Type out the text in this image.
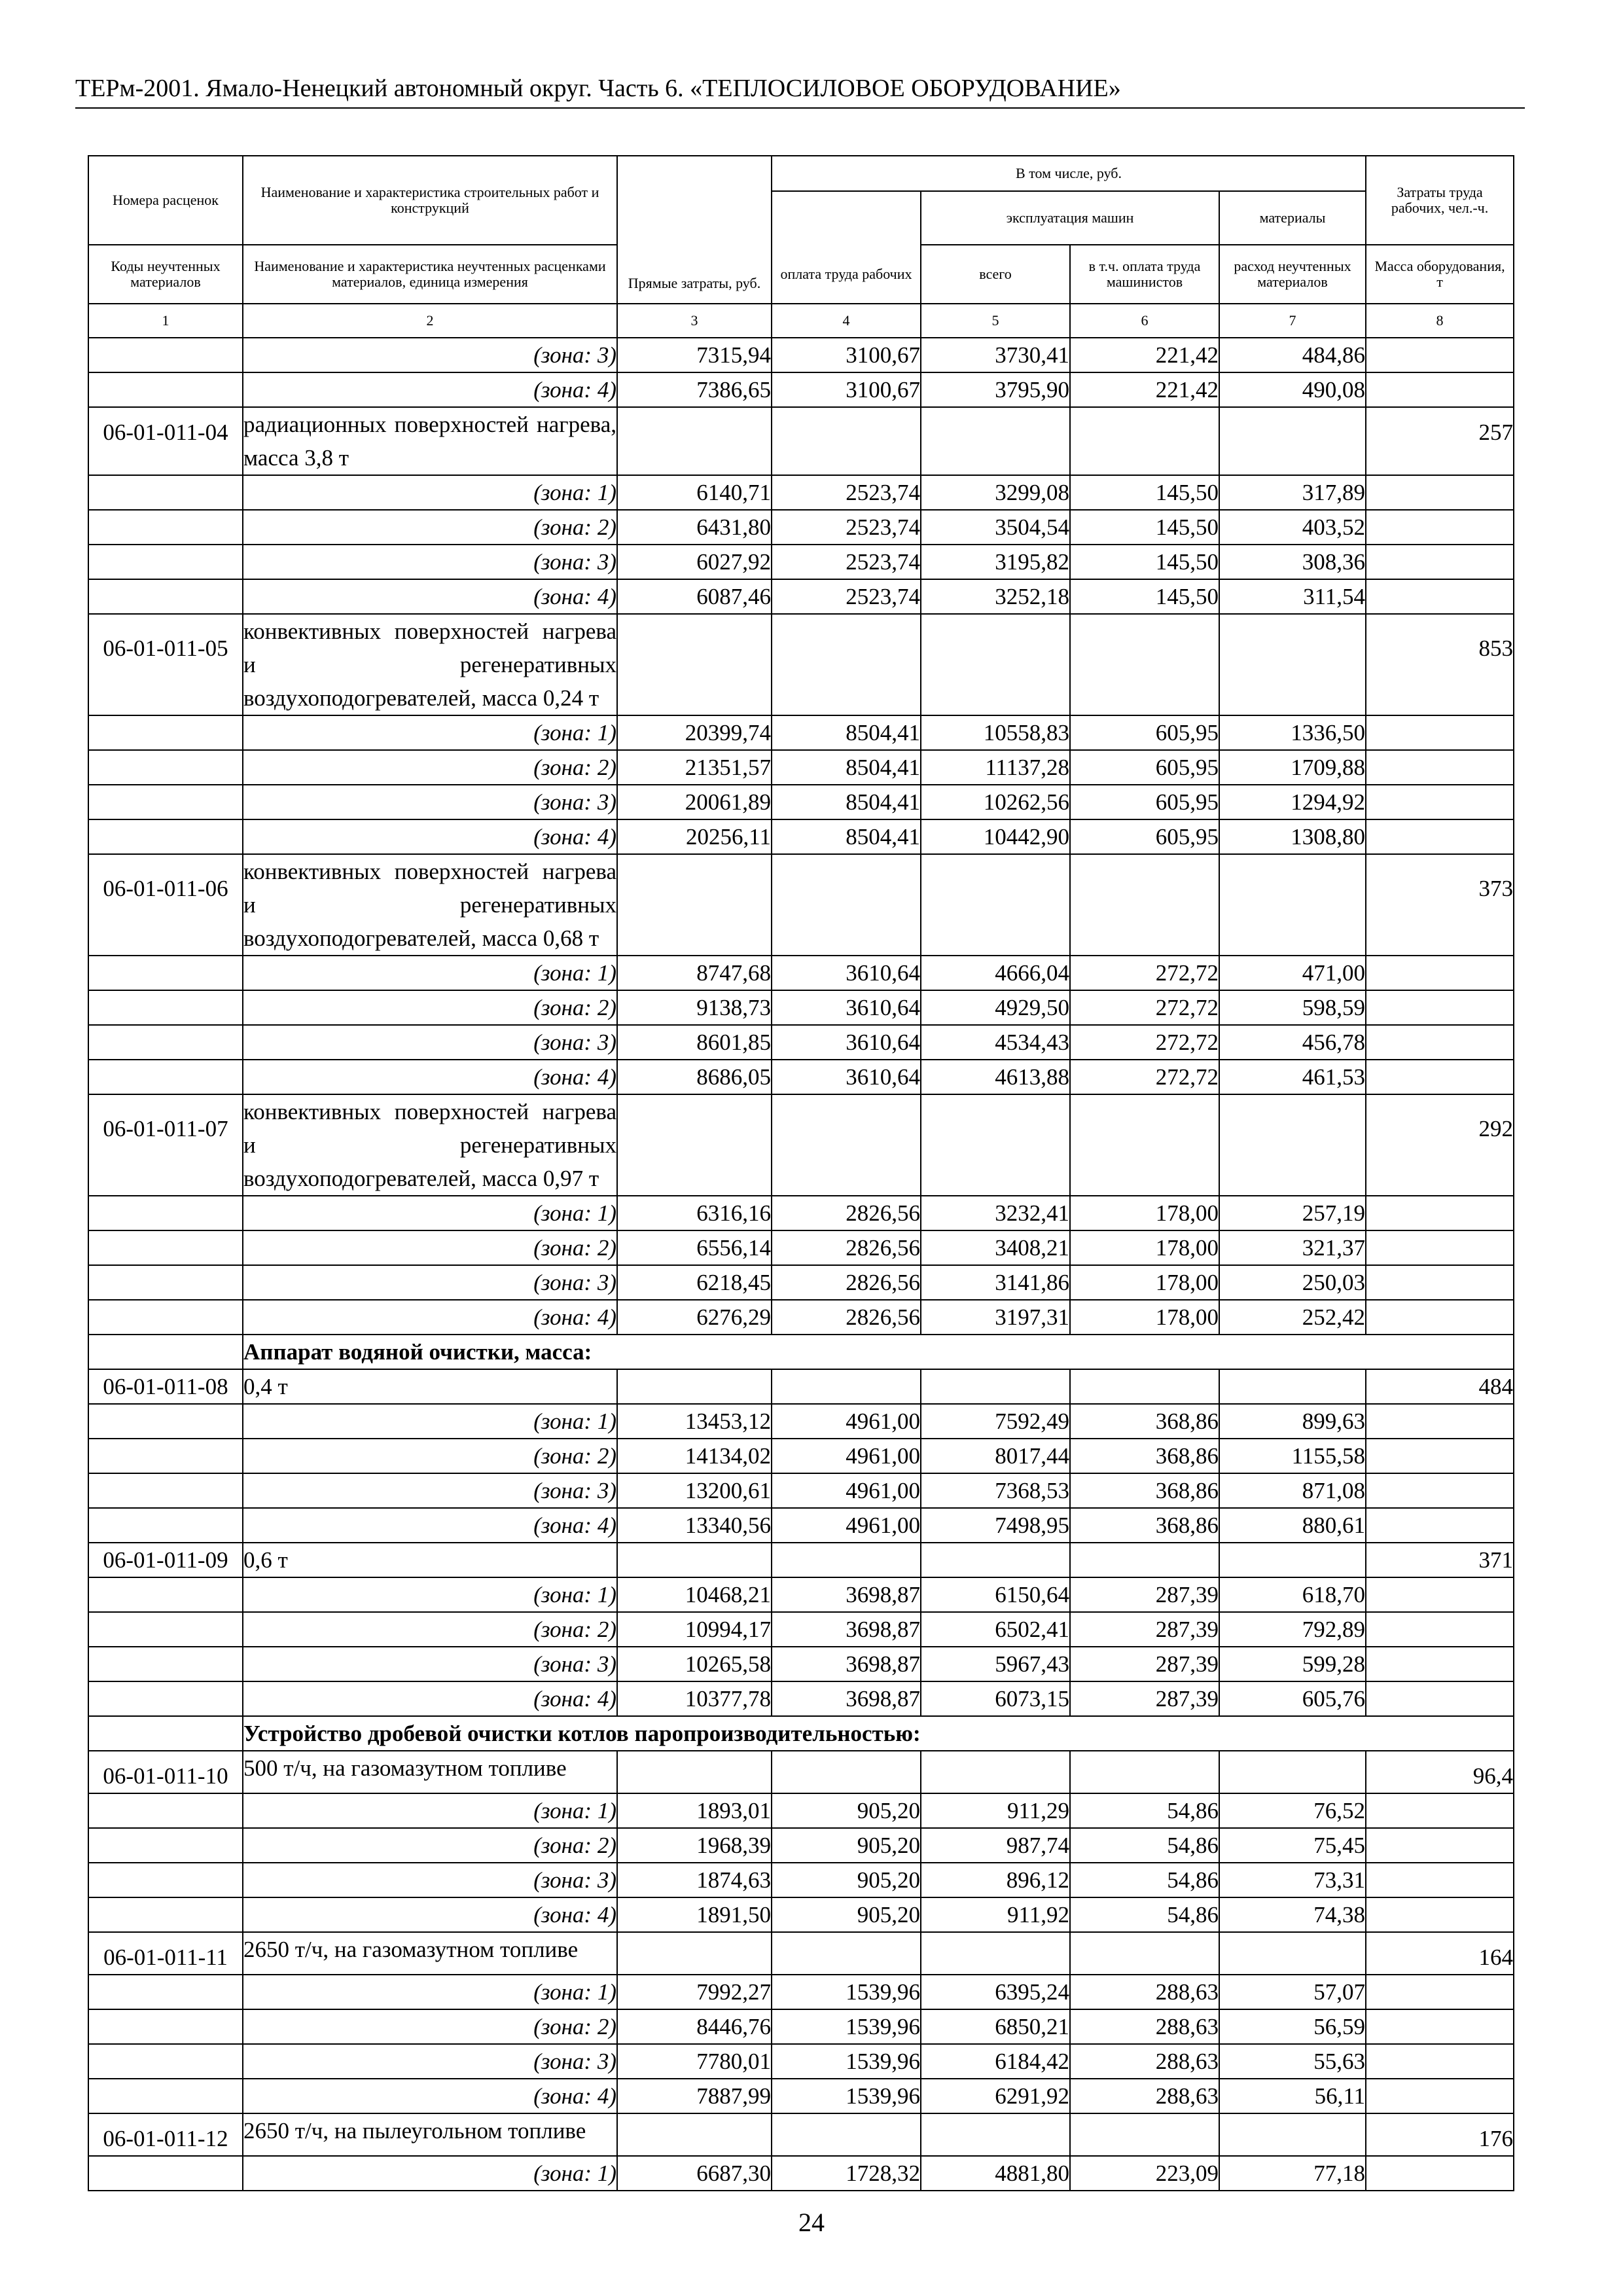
ТЕРм-2001. Ямало-Ненецкий автономный округ. Часть 6. «ТЕПЛОСИЛОВОЕ ОБОРУДОВАНИЕ»
Номера расценок	Наименование и характеристика строительных работ и конструкций	Прямые затраты, руб.	В том числе, руб.				Затраты труда рабочих, чел.-ч.
				эксплуатация машин		материалы	

Коды неучтенных материалов	Наименование и характеристика неучтенных расценками материалов, единица измерения		оплата труда рабочих	всего	в т.ч. оплата труда машинистов	расход неучтенных материалов	Масса оборудования, т

1	2	3	4	5	6	7	8
	(зона: 3)	7315,94	3100,67	3730,41	221,42	484,86	
	(зона: 4)	7386,65	3100,67	3795,90	221,42	490,08	
06-01-011-04	радиационных поверхностей нагрева, масса 3,8 т						257
	(зона: 1)	6140,71	2523,74	3299,08	145,50	317,89	
	(зона: 2)	6431,80	2523,74	3504,54	145,50	403,52	
	(зона: 3)	6027,92	2523,74	3195,82	145,50	308,36	
	(зона: 4)	6087,46	2523,74	3252,18	145,50	311,54	
06-01-011-05	конвективных поверхностей нагрева и регенеративных воздухоподогревателей, масса 0,24 т						853
	(зона: 1)	20399,74	8504,41	10558,83	605,95	1336,50	
	(зона: 2)	21351,57	8504,41	11137,28	605,95	1709,88	
	(зона: 3)	20061,89	8504,41	10262,56	605,95	1294,92	
	(зона: 4)	20256,11	8504,41	10442,90	605,95	1308,80	
06-01-011-06	конвективных поверхностей нагрева и регенеративных воздухоподогревателей, масса 0,68 т						373
	(зона: 1)	8747,68	3610,64	4666,04	272,72	471,00	
	(зона: 2)	9138,73	3610,64	4929,50	272,72	598,59	
	(зона: 3)	8601,85	3610,64	4534,43	272,72	456,78	
	(зона: 4)	8686,05	3610,64	4613,88	272,72	461,53	
06-01-011-07	конвективных поверхностей нагрева и регенеративных воздухоподогревателей, масса 0,97 т						292
	(зона: 1)	6316,16	2826,56	3232,41	178,00	257,19	
	(зона: 2)	6556,14	2826,56	3408,21	178,00	321,37	
	(зона: 3)	6218,45	2826,56	3141,86	178,00	250,03	
	(зона: 4)	6276,29	2826,56	3197,31	178,00	252,42	
	Аппарат водяной очистки, масса:						
06-01-011-08	0,4 т						484
	(зона: 1)	13453,12	4961,00	7592,49	368,86	899,63	
	(зона: 2)	14134,02	4961,00	8017,44	368,86	1155,58	
	(зона: 3)	13200,61	4961,00	7368,53	368,86	871,08	
	(зона: 4)	13340,56	4961,00	7498,95	368,86	880,61	
06-01-011-09	0,6 т						371
	(зона: 1)	10468,21	3698,87	6150,64	287,39	618,70	
	(зона: 2)	10994,17	3698,87	6502,41	287,39	792,89	
	(зона: 3)	10265,58	3698,87	5967,43	287,39	599,28	
	(зона: 4)	10377,78	3698,87	6073,15	287,39	605,76	
	Устройство дробевой очистки котлов паропроизводительностью:						
06-01-011-10	500 т/ч, на газомазутном топливе						96,4
	(зона: 1)	1893,01	905,20	911,29	54,86	76,52	
	(зона: 2)	1968,39	905,20	987,74	54,86	75,45	
	(зона: 3)	1874,63	905,20	896,12	54,86	73,31	
	(зона: 4)	1891,50	905,20	911,92	54,86	74,38	
06-01-011-11	2650 т/ч, на газомазутном топливе						164
	(зона: 1)	7992,27	1539,96	6395,24	288,63	57,07	
	(зона: 2)	8446,76	1539,96	6850,21	288,63	56,59	
	(зона: 3)	7780,01	1539,96	6184,42	288,63	55,63	
	(зона: 4)	7887,99	1539,96	6291,92	288,63	56,11	
06-01-011-12	2650 т/ч, на пылеугольном топливе						176
	(зона: 1)	6687,30	1728,32	4881,80	223,09	77,18	
24
